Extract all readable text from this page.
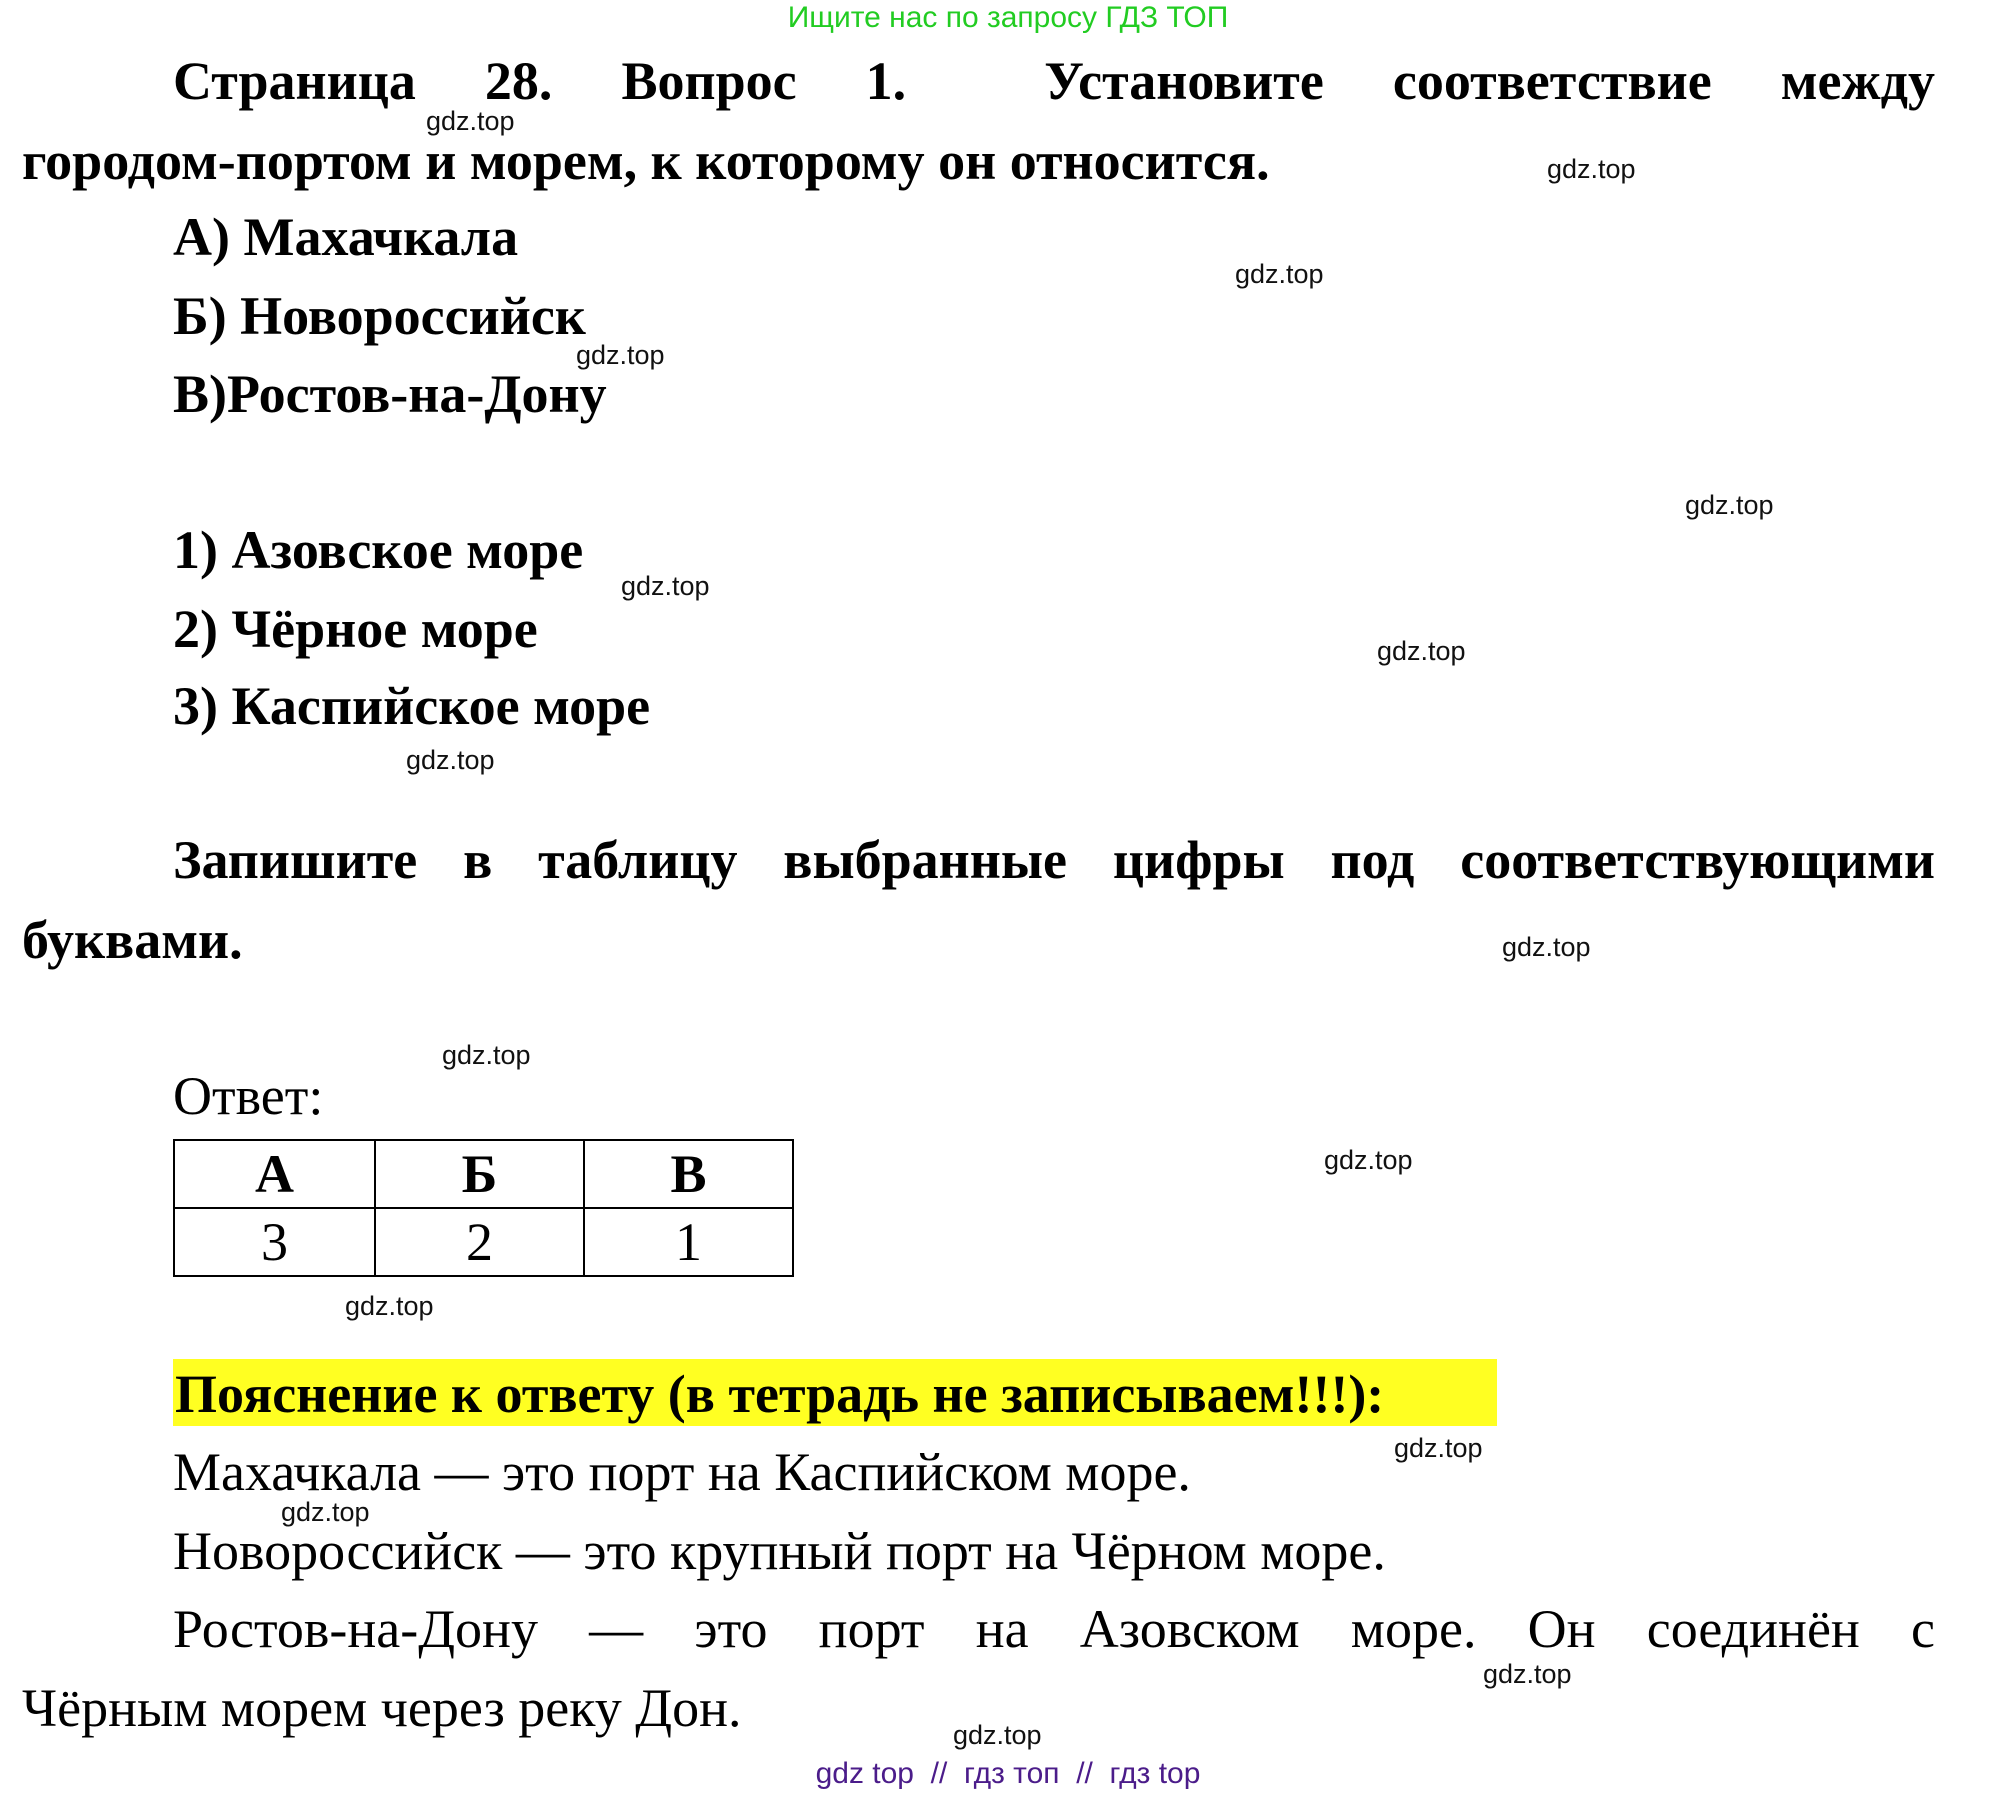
Ищите нас по запросу ГДЗ ТОП
Страница 28. Вопрос 1.	Установите соответствие между
городом-портом и морем, к которому он относится.
А) Махачкала
Б) Новороссийск
В)Ростов-на-Дону
1) Азовское море
2) Чёрное море
3) Каспийское море
Запишите в таблицу выбранные цифры под соответствующими
буквами.
Ответ:
А	Б	В
3	2	1
Пояснение к ответу (в тетрадь не записываем!!!):
Махачкала — это порт на Каспийском море.
Новороссийск — это крупный порт на Чёрном море.
Ростов-на-Дону — это порт на Азовском море. Он соединён с
Чёрным морем через реку Дон.
gdz.top
gdz.top
gdz.top
gdz.top
gdz.top
gdz.top
gdz.top
gdz.top
gdz.top
gdz.top
gdz.top
gdz.top
gdz.top
gdz.top
gdz.top
gdz.top
gdz top  //  гдз топ  //  гдз top
